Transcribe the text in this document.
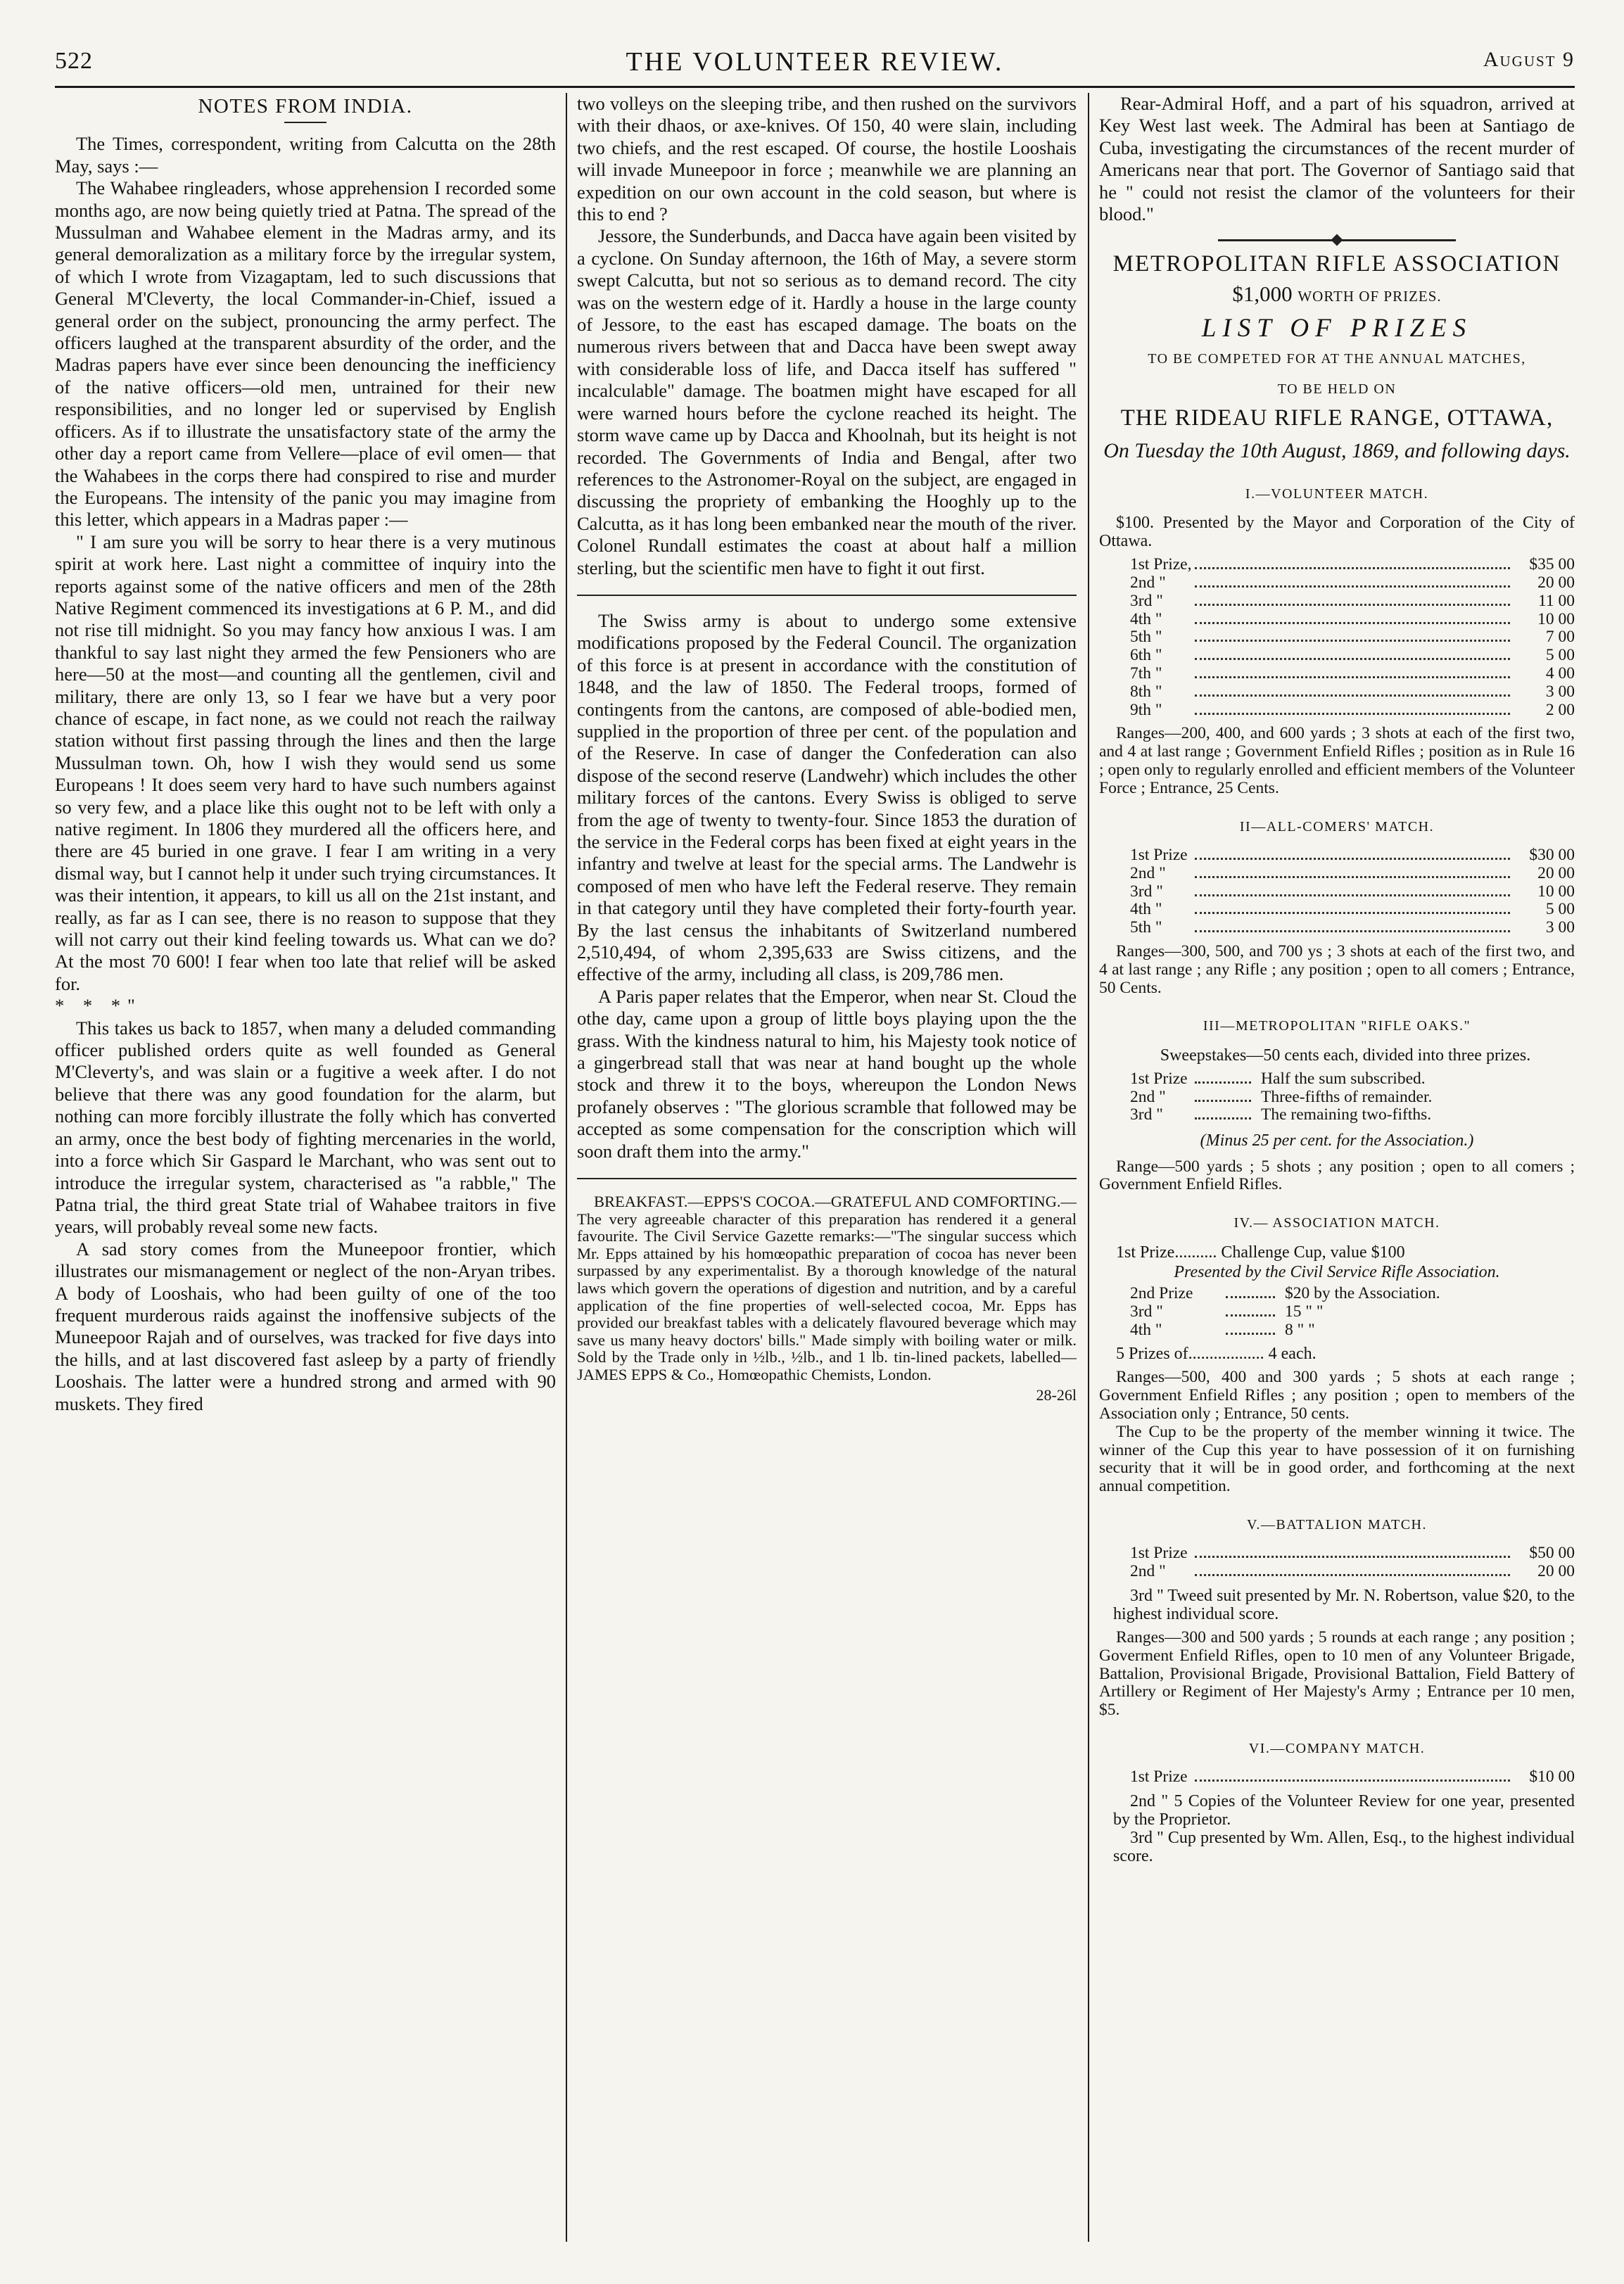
522	THE VOLUNTEER REVIEW.	August 9
NOTES FROM INDIA.

The Times, correspondent, writing from Calcutta on the 28th May, says :—

The Wahabee ringleaders, whose apprehension I recorded some months ago, are now being quietly tried at Patna. The spread of the Mussulman and Wahabee element in the Madras army, and its general demoralization as a military force by the irregular system, of which I wrote from Vizagaptam, led to such discussions that General M'Cleverty, the local Commander-in-Chief, issued a general order on the subject, pronouncing the army perfect. The officers laughed at the transparent absurdity of the order, and the Madras papers have ever since been denouncing the inefficiency of the native officers—old men, untrained for their new responsibilities, and no longer led or supervised by English officers. As if to illustrate the unsatisfactory state of the army the other day a report came from Vellere—place of evil omen— that the Wahabees in the corps there had conspired to rise and murder the Europeans. The intensity of the panic you may imagine from this letter, which appears in a Madras paper :—

" I am sure you will be sorry to hear there is a very mutinous spirit at work here. Last night a committee of inquiry into the reports against some of the native officers and men of the 28th Native Regiment commenced its investigations at 6 P. M., and did not rise till midnight. So you may fancy how anxious I was. I am thankful to say last night they armed the few Pensioners who are here—50 at the most—and counting all the gentlemen, civil and military, there are only 13, so I fear we have but a very poor chance of escape, in fact none, as we could not reach the railway station without first passing through the lines and then the large Mussulman town. Oh, how I wish they would send us some Europeans ! It does seem very hard to have such numbers against so very few, and a place like this ought not to be left with only a native regiment. In 1806 they murdered all the officers here, and there are 45 buried in one grave. I fear I am writing in a very dismal way, but I cannot help it under such trying circumstances. It was their intention, it appears, to kill us all on the 21st instant, and really, as far as I can see, there is no reason to suppose that they will not carry out their kind feeling towards us. What can we do? At the most 70 600! I fear when too late that relief will be asked for.

* * *"

This takes us back to 1857, when many a deluded commanding officer published orders quite as well founded as General M'Cleverty's, and was slain or a fugitive a week after. I do not believe that there was any good foundation for the alarm, but nothing can more forcibly illustrate the folly which has converted an army, once the best body of fighting mercenaries in the world, into a force which Sir Gaspard le Marchant, who was sent out to introduce the irregular system, characterised as "a rabble," The Patna trial, the third great State trial of Wahabee traitors in five years, will probably reveal some new facts.

A sad story comes from the Muneepoor frontier, which illustrates our mismanagement or neglect of the non-Aryan tribes. A body of Looshais, who had been guilty of one of the too frequent murderous raids against the inoffensive subjects of the Muneepoor Rajah and of ourselves, was tracked for five days into the hills, and at last discovered fast asleep by a party of friendly Looshais. The latter were a hundred strong and armed with 90 muskets. They fired

two volleys on the sleeping tribe, and then rushed on the survivors with their dhaos, or axe-knives. Of 150, 40 were slain, including two chiefs, and the rest escaped. Of course, the hostile Looshais will invade Muneepoor in force ; meanwhile we are planning an expedition on our own account in the cold season, but where is this to end ?

Jessore, the Sunderbunds, and Dacca have again been visited by a cyclone. On Sunday afternoon, the 16th of May, a severe storm swept Calcutta, but not so serious as to demand record. The city was on the western edge of it. Hardly a house in the large county of Jessore, to the east has escaped damage. The boats on the numerous rivers between that and Dacca have been swept away with considerable loss of life, and Dacca itself has suffered " incalculable" damage. The boatmen might have escaped for all were warned hours before the cyclone reached its height. The storm wave came up by Dacca and Khoolnah, but its height is not recorded. The Governments of India and Bengal, after two references to the Astronomer-Royal on the subject, are engaged in discussing the propriety of embanking the Hooghly up to the Calcutta, as it has long been embanked near the mouth of the river. Colonel Rundall estimates the coast at about half a million sterling, but the scientific men have to fight it out first.

The Swiss army is about to undergo some extensive modifications proposed by the Federal Council. The organization of this force is at present in accordance with the constitution of 1848, and the law of 1850. The Federal troops, formed of contingents from the cantons, are composed of able-bodied men, supplied in the proportion of three per cent. of the population and of the Reserve. In case of danger the Confederation can also dispose of the second reserve (Landwehr) which includes the other military forces of the cantons. Every Swiss is obliged to serve from the age of twenty to twenty-four. Since 1853 the duration of the service in the Federal corps has been fixed at eight years in the infantry and twelve at least for the special arms. The Landwehr is composed of men who have left the Federal reserve. They remain in that category until they have completed their forty-fourth year. By the last census the inhabitants of Switzerland numbered 2,510,494, of whom 2,395,633 are Swiss citizens, and the effective of the army, including all class, is 209,786 men.

A Paris paper relates that the Emperor, when near St. Cloud the othe day, came upon a group of little boys playing upon the the grass. With the kindness natural to him, his Majesty took notice of a gingerbread stall that was near at hand bought up the whole stock and threw it to the boys, whereupon the London News profanely observes : "The glorious scramble that followed may be accepted as some compensation for the conscription which will soon draft them into the army."

BREAKFAST.—EPPS'S COCOA.—GRATEFUL AND COMFORTING.—The very agreeable character of this preparation has rendered it a general favourite. The Civil Service Gazette remarks:—"The singular success which Mr. Epps attained by his homœopathic preparation of cocoa has never been surpassed by any experimentalist. By a thorough knowledge of the natural laws which govern the operations of digestion and nutrition, and by a careful application of the fine properties of well-selected cocoa, Mr. Epps has provided our breakfast tables with a delicately flavoured beverage which may save us many heavy doctors' bills." Made simply with boiling water or milk. Sold by the Trade only in ½lb., ½lb., and 1 lb. tin-lined packets, labelled—JAMES EPPS & Co., Homœopathic Chemists, London.

28-26l

Rear-Admiral Hoff, and a part of his squadron, arrived at Key West last week. The Admiral has been at Santiago de Cuba, investigating the circumstances of the recent murder of Americans near that port. The Governor of Santiago said that he " could not resist the clamor of the volunteers for their blood."

METROPOLITAN RIFLE ASSOCIATION
$1,000 WORTH OF PRIZES.
LIST OF PRIZES
TO BE COMPETED FOR AT THE ANNUAL MATCHES,
TO BE HELD ON
THE RIDEAU RIFLE RANGE, OTTAWA,
On Tuesday the 10th August, 1869, and following days.
I.—VOLUNTEER MATCH.

$100. Presented by the Mayor and Corporation of the City of Ottawa.

1st Prize,	$35 00
2nd "	20 00
3rd "	11 00
4th "	10 00
5th "	7 00
6th "	5 00
7th "	4 00
8th "	3 00
9th "	2 00

Ranges—200, 400, and 600 yards ; 3 shots at each of the first two, and 4 at last range ; Government Enfield Rifles ; position as in Rule 16 ; open only to regularly enrolled and efficient members of the Volunteer Force ; Entrance, 25 Cents.

II—ALL-COMERS' MATCH.
1st Prize	$30 00
2nd "	20 00
3rd "	10 00
4th "	5 00
5th "	3 00

Ranges—300, 500, and 700 ys ; 3 shots at each of the first two, and 4 at last range ; any Rifle ; any position ; open to all comers ; Entrance, 50 Cents.

III—METROPOLITAN "RIFLE OAKS."

Sweepstakes—50 cents each, divided into three prizes.

1st Prize	Half the sum subscribed.
2nd "	Three-fifths of remainder.
3rd "	The remaining two-fifths.

(Minus 25 per cent. for the Association.)

Range—500 yards ; 5 shots ; any position ; open to all comers ; Government Enfield Rifles.

IV.— ASSOCIATION MATCH.

1st Prize.......... Challenge Cup, value $100

Presented by the Civil Service Rifle Association.

2nd Prize	$20 by the Association.
3rd "	15 " "
4th "	8 " "

5 Prizes of.................. 4 each.

Ranges—500, 400 and 300 yards ; 5 shots at each range ; Government Enfield Rifles ; any position ; open to members of the Association only ; Entrance, 50 cents.

The Cup to be the property of the member winning it twice. The winner of the Cup this year to have possession of it on furnishing security that it will be in good order, and forthcoming at the next annual competition.

V.—BATTALION MATCH.
1st Prize	$50 00
2nd "	20 00

3rd " Tweed suit presented by Mr. N. Robertson, value $20, to the highest individual score.

Ranges—300 and 500 yards ; 5 rounds at each range ; any position ; Goverment Enfield Rifles, open to 10 men of any Volunteer Brigade, Battalion, Provisional Brigade, Provisional Battalion, Field Battery of Artillery or Regiment of Her Majesty's Army ; Entrance per 10 men, $5.

VI.—COMPANY MATCH.
1st Prize	$10 00

2nd " 5 Copies of the Volunteer Review for one year, presented by the Proprietor.

3rd " Cup presented by Wm. Allen, Esq., to the highest individual score.
